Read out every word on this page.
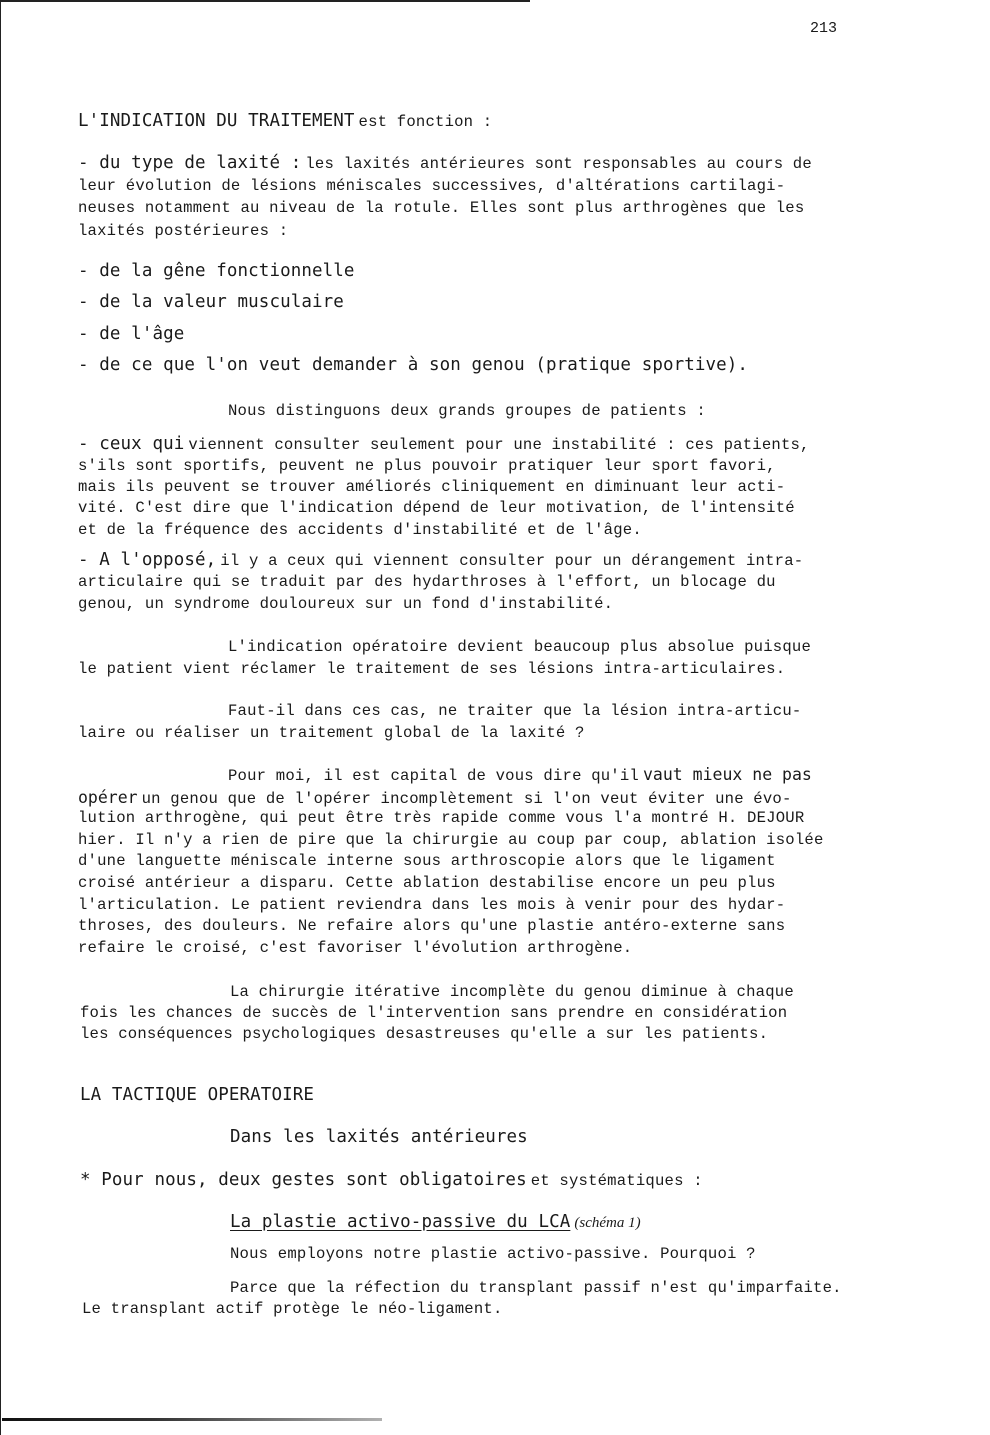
213
L'INDICATION DU TRAITEMENT est fonction :
- du type de laxité : les laxités antérieures sont responsables au cours de
leur évolution de lésions méniscales successives, d'altérations cartilagi-
neuses notamment au niveau de la rotule. Elles sont plus arthrogènes que les
laxités postérieures :
- de la gêne fonctionnelle
- de la valeur musculaire
- de l'âge
- de ce que l'on veut demander à son genou (pratique sportive).
Nous distinguons deux grands groupes de patients :
- ceux qui viennent consulter seulement pour une instabilité : ces patients,
s'ils sont sportifs, peuvent ne plus pouvoir pratiquer leur sport favori,
mais ils peuvent se trouver améliorés cliniquement en diminuant leur acti-
vité. C'est dire que l'indication dépend de leur motivation, de l'intensité
et de la fréquence des accidents d'instabilité et de l'âge.
- A l'opposé, il y a ceux qui viennent consulter pour un dérangement intra-
articulaire qui se traduit par des hydarthroses à l'effort, un blocage du
genou, un syndrome douloureux sur un fond d'instabilité.
L'indication opératoire devient beaucoup plus absolue puisque
le patient vient réclamer le traitement de ses lésions intra-articulaires.
Faut-il dans ces cas, ne traiter que la lésion intra-articu-
laire ou réaliser un traitement global de la laxité ?
Pour moi, il est capital de vous dire qu'il vaut mieux ne pas
opérer un genou que de l'opérer incomplètement si l'on veut éviter une évo-
lution arthrogène, qui peut être très rapide comme vous l'a montré H. DEJOUR
hier. Il n'y a rien de pire que la chirurgie au coup par coup, ablation isolée
d'une languette méniscale interne sous arthroscopie alors que le ligament
croisé antérieur a disparu. Cette ablation destabilise encore un peu plus
l'articulation. Le patient reviendra dans les mois à venir pour des hydar-
throses, des douleurs. Ne refaire alors qu'une plastie antéro-externe sans
refaire le croisé, c'est favoriser l'évolution arthrogène.
La chirurgie itérative incomplète du genou diminue à chaque
fois les chances de succès de l'intervention sans prendre en considération
les conséquences psychologiques desastreuses qu'elle a sur les patients.
LA TACTIQUE OPERATOIRE
Dans les laxités antérieures
* Pour nous, deux gestes sont obligatoires et systématiques :
La plastie activo-passive du LCA (schéma 1)
Nous employons notre plastie activo-passive. Pourquoi ?
Parce que la réfection du transplant passif n'est qu'imparfaite.
Le transplant actif protège le néo-ligament.
